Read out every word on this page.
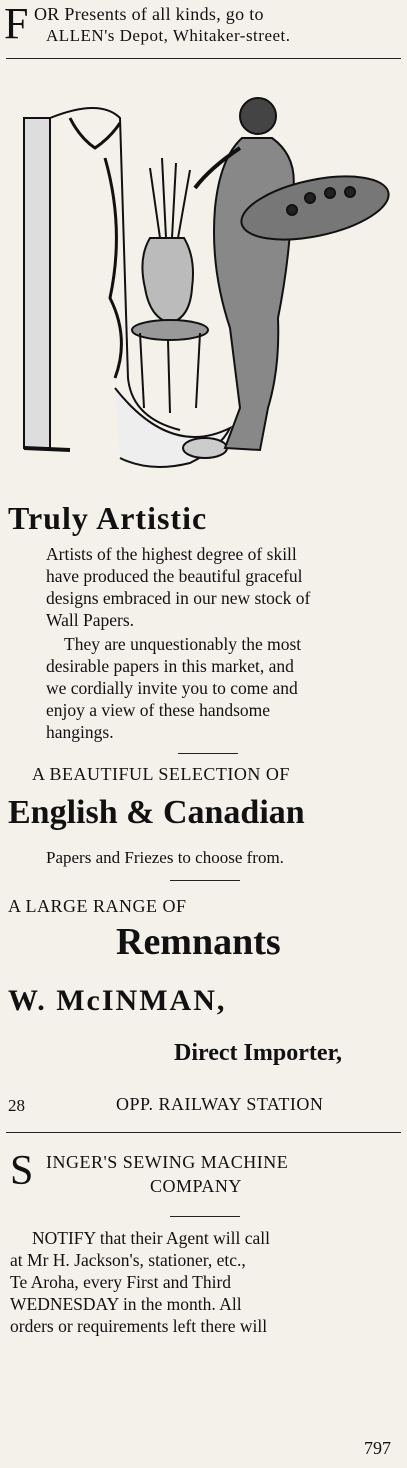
F OR Presents of all kinds, go to
ALLEN's Depot, Whitaker-street.
Truly Artistic
Artists of the highest degree of skill
have produced the beautiful graceful
designs embraced in our new stock of
Wall Papers.
They are unquestionably the most
desirable papers in this market, and
we cordially invite you to come and
enjoy a view of these handsome
hangings.
A BEAUTIFUL SELECTION OF
English & Canadian
Papers and Friezes to choose from.
A LARGE RANGE OF
Remnants
W. McINMAN,
Direct Importer,
28	OPP. RAILWAY STATION
S INGER'S SEWING MACHINE
COMPANY
NOTIFY that their Agent will call
at Mr H. Jackson's, stationer, etc.,
Te Aroha, every First and Third
WEDNESDAY in the month. All
orders or requirements left there will
797
